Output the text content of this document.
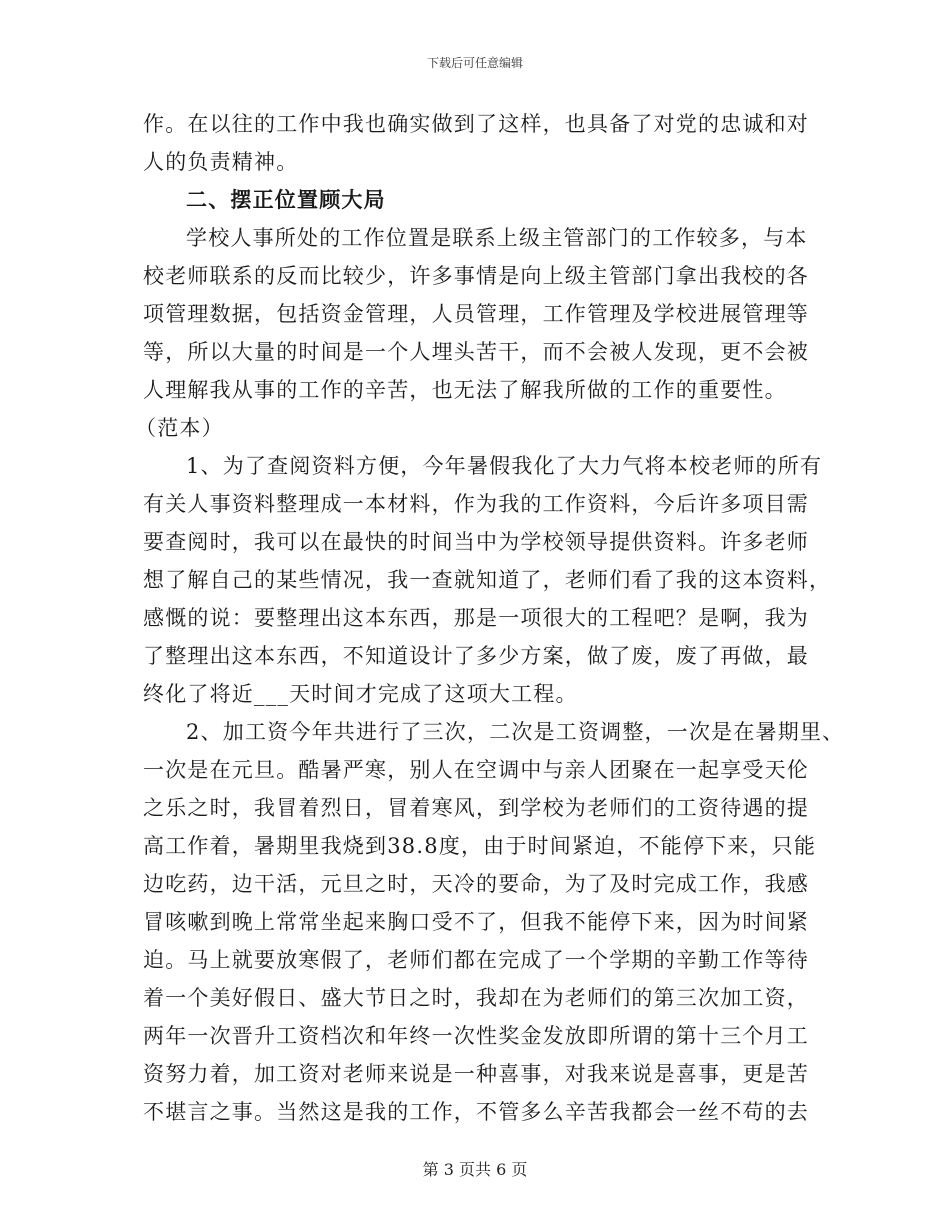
下载后可任意编辑
作。在以往的工作中我也确实做到了这样，也具备了对党的忠诚和对
人的负责精神。
二、摆正位置顾大局
学校人事所处的工作位置是联系上级主管部门的工作较多，与本
校老师联系的反而比较少，许多事情是向上级主管部门拿出我校的各
项管理数据，包括资金管理，人员管理，工作管理及学校进展管理等
等，所以大量的时间是一个人埋头苦干，而不会被人发现，更不会被
人理解我从事的工作的辛苦，也无法了解我所做的工作的重要性。
（范本）
1、为了查阅资料方便，今年暑假我化了大力气将本校老师的所有
有关人事资料整理成一本材料，作为我的工作资料，今后许多项目需
要查阅时，我可以在最快的时间当中为学校领导提供资料。许多老师
想了解自己的某些情况，我一查就知道了，老师们看了我的这本资料，
感慨的说：要整理出这本东西，那是一项很大的工程吧？是啊，我为
了整理出这本东西，不知道设计了多少方案，做了废，废了再做，最
终化了将近___天时间才完成了这项大工程。
2、加工资今年共进行了三次，二次是工资调整，一次是在暑期里、
一次是在元旦。酷暑严寒，别人在空调中与亲人团聚在一起享受天伦
之乐之时，我冒着烈日，冒着寒风，到学校为老师们的工资待遇的提
高工作着，暑期里我烧到38.8度，由于时间紧迫，不能停下来，只能
边吃药，边干活，元旦之时，天冷的要命，为了及时完成工作，我感
冒咳嗽到晚上常常坐起来胸口受不了，但我不能停下来，因为时间紧
迫。马上就要放寒假了，老师们都在完成了一个学期的辛勤工作等待
着一个美好假日、盛大节日之时，我却在为老师们的第三次加工资，
两年一次晋升工资档次和年终一次性奖金发放即所谓的第十三个月工
资努力着，加工资对老师来说是一种喜事，对我来说是喜事，更是苦
不堪言之事。当然这是我的工作，不管多么辛苦我都会一丝不苟的去
第 3 页共 6 页
